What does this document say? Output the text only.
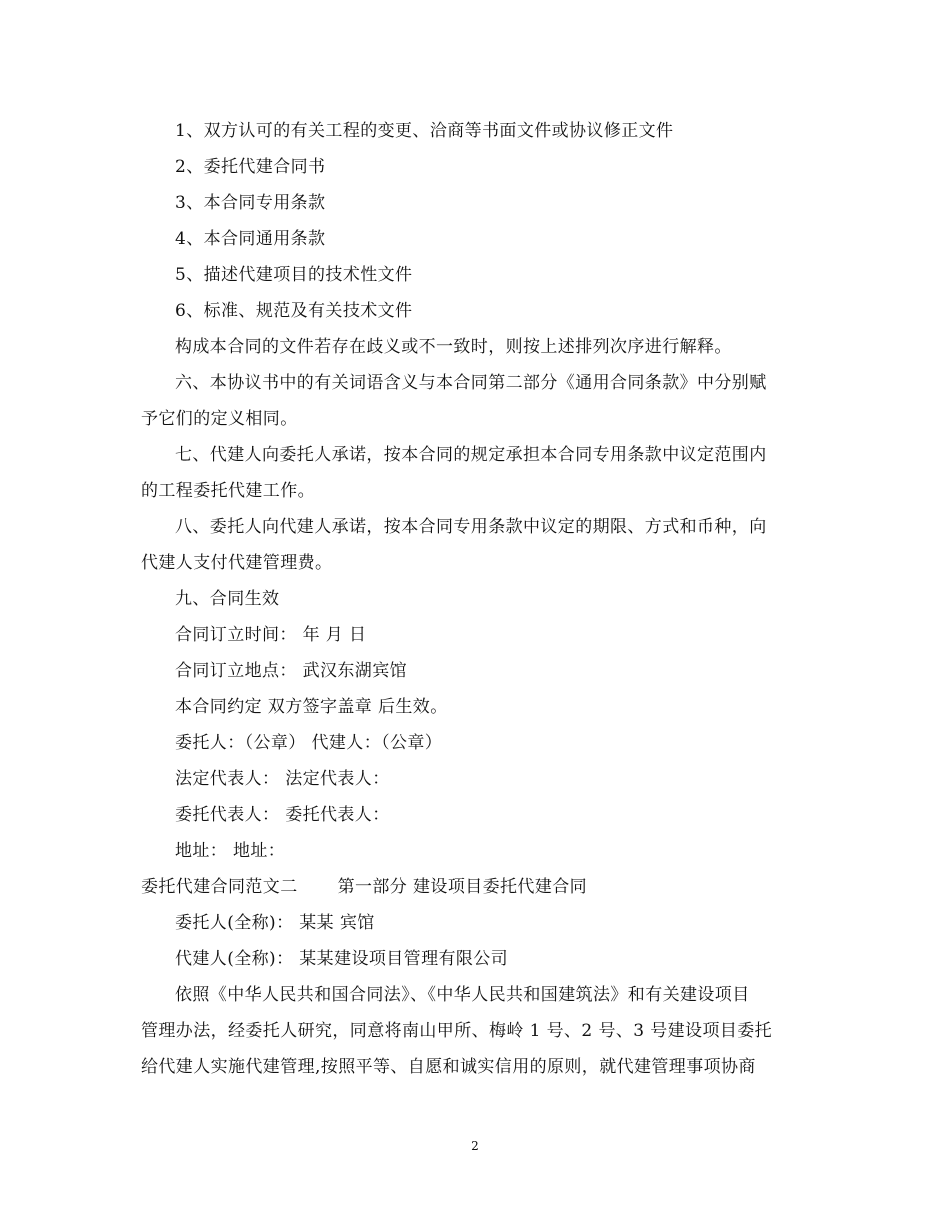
1、双方认可的有关工程的变更、洽商等书面文件或协议修正文件
2、委托代建合同书
3、本合同专用条款
4、本合同通用条款
5、描述代建项目的技术性文件
6、标准、规范及有关技术文件
构成本合同的文件若存在歧义或不一致时，则按上述排列次序进行解释。
六、本协议书中的有关词语含义与本合同第二部分《通用合同条款》中分别赋
予它们的定义相同。
七、代建人向委托人承诺，按本合同的规定承担本合同专用条款中议定范围内
的工程委托代建工作。
八、委托人向代建人承诺，按本合同专用条款中议定的期限、方式和币种，向
代建人支付代建管理费。
九、合同生效
合同订立时间： 年 月 日
合同订立地点： 武汉东湖宾馆
本合同约定 双方签字盖章 后生效。
委托人：（公章） 代建人：（公章）
法定代表人： 法定代表人：
委托代表人： 委托代表人：
地址： 地址：
委托代建合同范文二 第一部分 建设项目委托代建合同
委托人(全称)： 某某 宾馆
代建人(全称)： 某某建设项目管理有限公司
依照《中华人民共和国合同法》、《中华人民共和国建筑法》和有关建设项目
管理办法，经委托人研究，同意将南山甲所、梅岭 1 号、2 号、3 号建设项目委托
给代建人实施代建管理,按照平等、自愿和诚实信用的原则，就代建管理事项协商
2
